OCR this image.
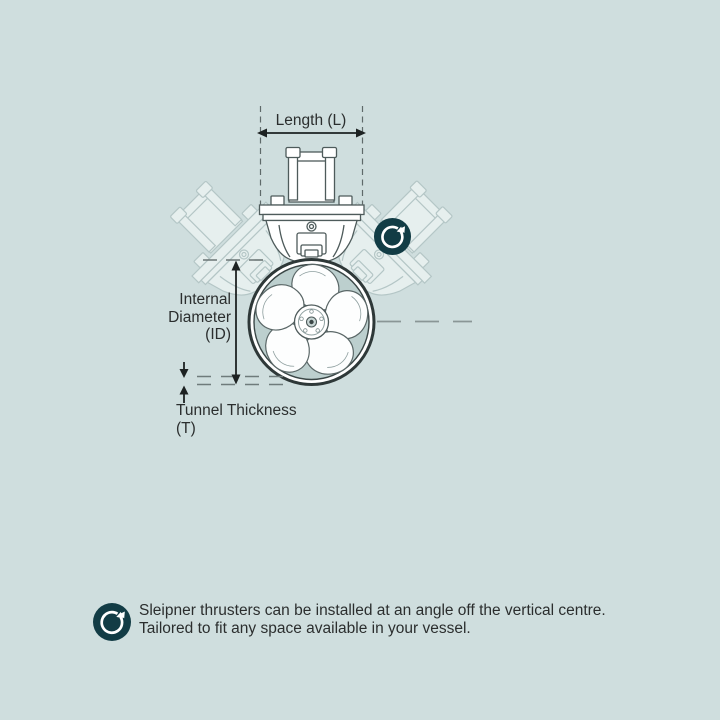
Length (L)
Internal
Diameter
(ID)
Tunnel Thickness
(T)
Sleipner thrusters can be installed at an angle off the vertical centre.
Tailored to fit any space available in your vessel.
